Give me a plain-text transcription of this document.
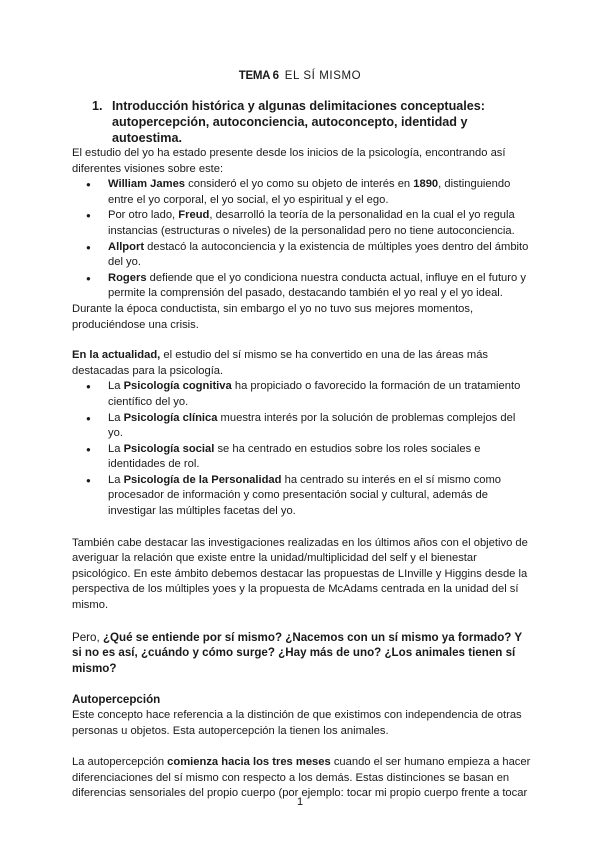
TEMA 6 EL SÍ MISMO
1. Introducción histórica y algunas delimitaciones conceptuales:
autopercepción, autoconciencia, autoconcepto, identidad y autoestima.

El estudio del yo ha estado presente desde los inicios de la psicología, encontrando así diferentes visiones sobre este:

● William James consideró el yo como su objeto de interés en 1890, distinguiendo entre el yo corporal, el yo social, el yo espiritual y el ego.
● Por otro lado, Freud, desarrolló la teoría de la personalidad en la cual el yo regula instancias (estructuras o niveles) de la personalidad pero no tiene autoconciencia.
● Allport destacó la autoconciencia y la existencia de múltiples yoes dentro del ámbito del yo.
● Rogers defiende que el yo condiciona nuestra conducta actual, influye en el futuro y permite la comprensión del pasado, destacando también el yo real y el yo ideal.

Durante la época conductista, sin embargo el yo no tuvo sus mejores momentos, produciéndose una crisis.

En la actualidad, el estudio del sí mismo se ha convertido en una de las áreas más destacadas para la psicología.

● La Psicología cognitiva ha propiciado o favorecido la formación de un tratamiento científico del yo.
● La Psicología clínica muestra interés por la solución de problemas complejos del yo.
● La Psicología social se ha centrado en estudios sobre los roles sociales e identidades de rol.
● La Psicología de la Personalidad ha centrado su interés en el sí mismo como procesador de información y como presentación social y cultural, además de investigar las múltiples facetas del yo.

También cabe destacar las investigaciones realizadas en los últimos años con el objetivo de averiguar la relación que existe entre la unidad/multiplicidad del self y el bienestar psicológico. En este ámbito debemos destacar las propuestas de LInville y Higgins desde la perspectiva de los múltiples yoes y la propuesta de McAdams centrada en la unidad del sí mismo.

Pero, ¿Qué se entiende por sí mismo? ¿Nacemos con un sí mismo ya formado? Y si no es así, ¿cuándo y cómo surge? ¿Hay más de uno? ¿Los animales tienen sí mismo?

Autopercepción

Este concepto hace referencia a la distinción de que existimos con independencia de otras personas u objetos. Esta autopercepción la tienen los animales.

La autopercepción comienza hacia los tres meses cuando el ser humano empieza a hacer diferenciaciones del sí mismo con respecto a los demás. Estas distinciones se basan en diferencias sensoriales del propio cuerpo (por ejemplo: tocar mi propio cuerpo frente a tocar

1
